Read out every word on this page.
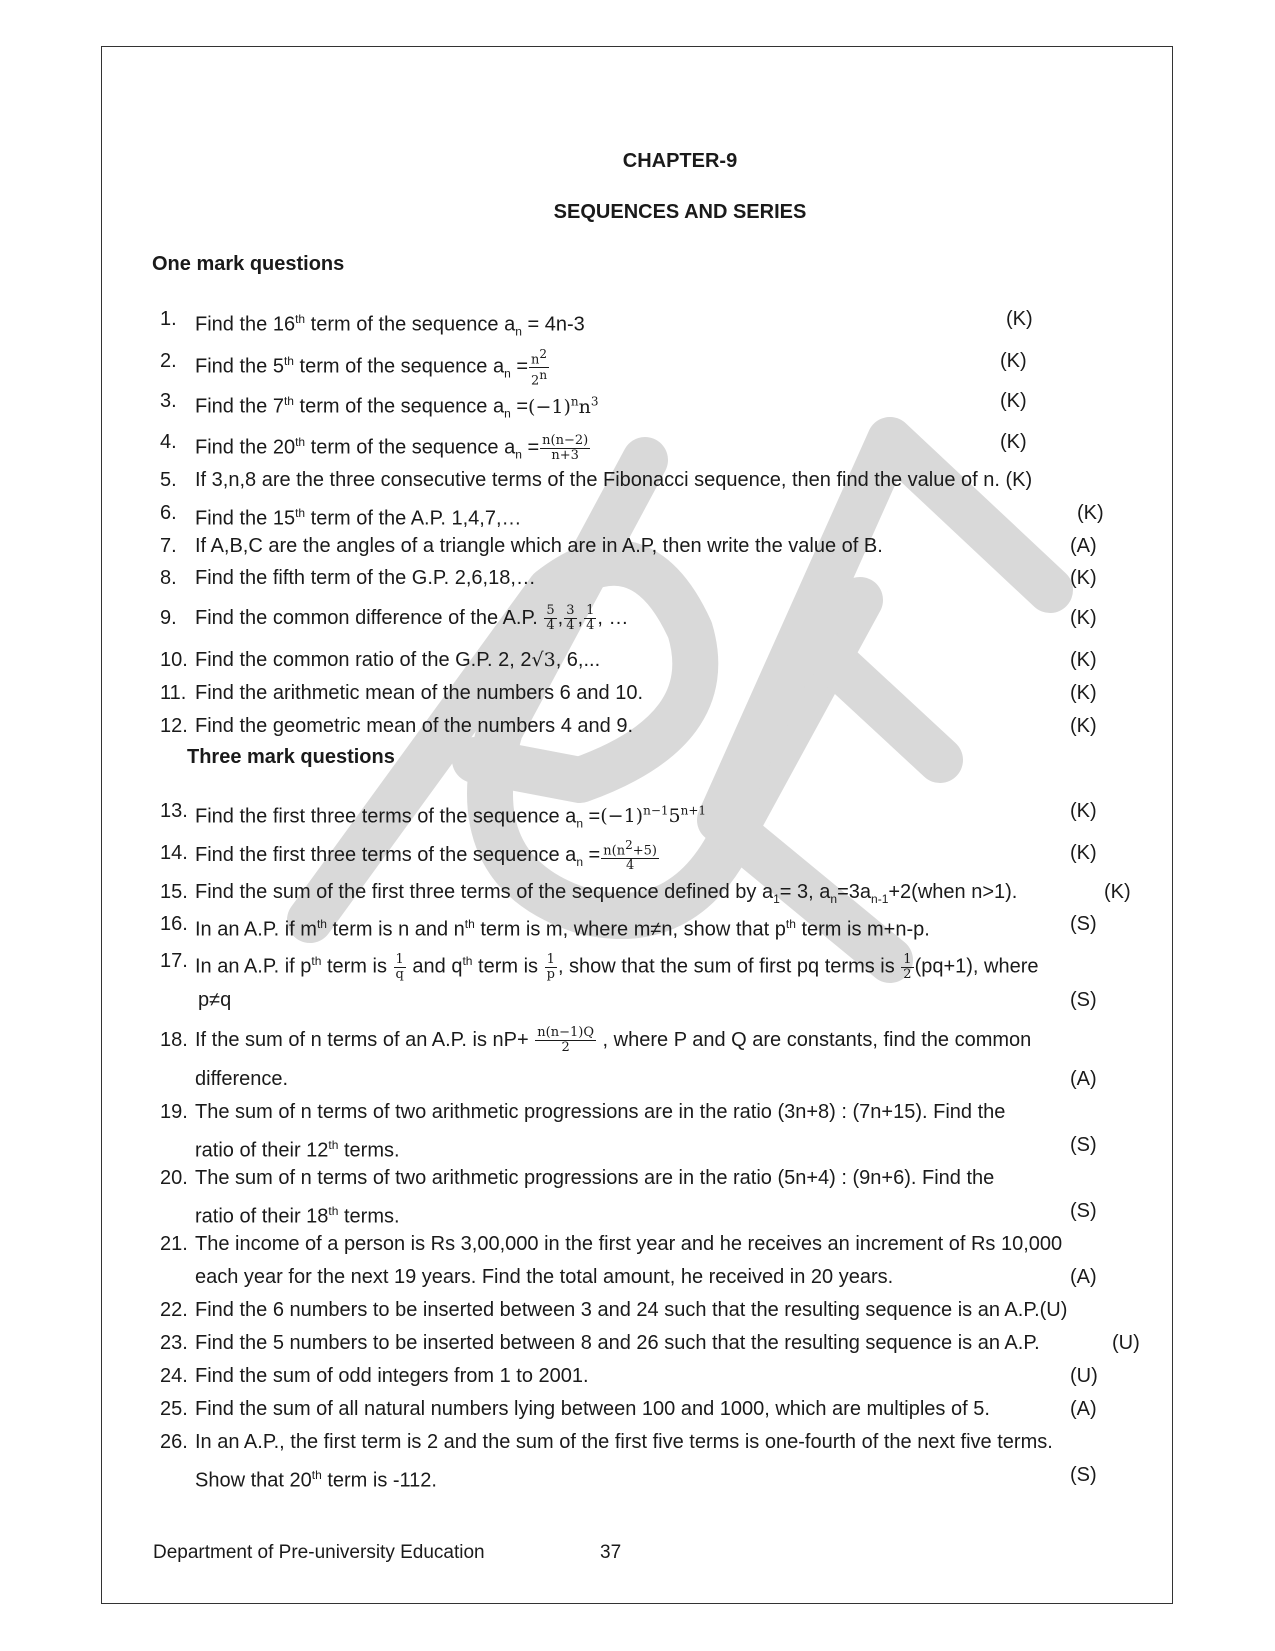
CHAPTER-9
SEQUENCES AND SERIES
One mark questions
1. Find the 16th term of the sequence $a_n = 4n-3$	(K)
2. Find the 5th term of the sequence $a_n = \frac{n^2}{2^n}$	(K)
3. Find the 7th term of the sequence $a_n =(-1)^nn^3$	(K)
4. Find the 20th term of the sequence $a_n = \frac{n(n-2)}{n+3}$	(K)
5. If 3,n,8 are the three consecutive terms of the Fibonacci sequence, then find the value of n. (K)
6. Find the 15th term of the A.P. 1,4,7,…	(K)
7. If A,B,C are the angles of a triangle which are in A.P, then write the value of B.	(A)
8. Find the fifth term of the G.P. 2,6,18,…	(K)
9. Find the common difference of the A.P. $\frac{5}{4}$ , $\frac{3}{4}$ , $\frac{1}{4}$ , …	(K)
10. Find the common ratio of the G.P. 2, 2√3, 6,...	(K)
11. Find the arithmetic mean of the numbers 6 and 10.	(K)
12. Find the geometric mean of the numbers 4 and 9.	(K)
Three mark questions
13. Find the first three terms of the sequence $a_n =(-1)^{n-1}5^{n+1}$	(K)
14. Find the first three terms of the sequence $a_n = \frac{n(n^2+5)}{4}$	(K)
15. Find the sum of the first three terms of the sequence defined by $a_1= 3$, $a_n=3a_{n-1}+2(when$ n>1).	(K)
16. In an A.P. if $m^{th}$ term is n and $n^{th}$ term is m, where m≠n, show that $p^{th}$ term is m+n-p.	(S)
17. In an A.P. if $p^{th}$ term is $\frac{1}{q}$ and $q^{th}$ term is $\frac{1}{p}$ , show that the sum of first pq terms is $\frac{1}{2} (pq+1)$, where
p≠q	(S)
18. If the sum of n terms of an A.P. is $nP+ \frac{n(n-1)Q}{2}$ , where P and Q are constants, find the common
difference.	(A)
19. The sum of n terms of two arithmetic progressions are in the ratio (3n+8) : (7n+15). Find the
ratio of their 12th terms.	(S)
20. The sum of n terms of two arithmetic progressions are in the ratio (5n+4) : (9n+6). Find the
ratio of their 18th terms.	(S)
21. The income of a person is Rs 3,00,000 in the first year and he receives an increment of Rs 10,000
each year for the next 19 years. Find the total amount, he received in 20 years.	(A)
22. Find the 6 numbers to be inserted between 3 and 24 such that the resulting sequence is an A.P.(U)
23. Find the 5 numbers to be inserted between 8 and 26 such that the resulting sequence is an A.P.	(U)
24. Find the sum of odd integers from 1 to 2001.	(U)
25. Find the sum of all natural numbers lying between 100 and 1000, which are multiples of 5.	(A)
26. In an A.P., the first term is 2 and the sum of the first five terms is one-fourth of the next five terms.
Show that 20th term is -112.	(S)
Department of Pre-university Education	37
